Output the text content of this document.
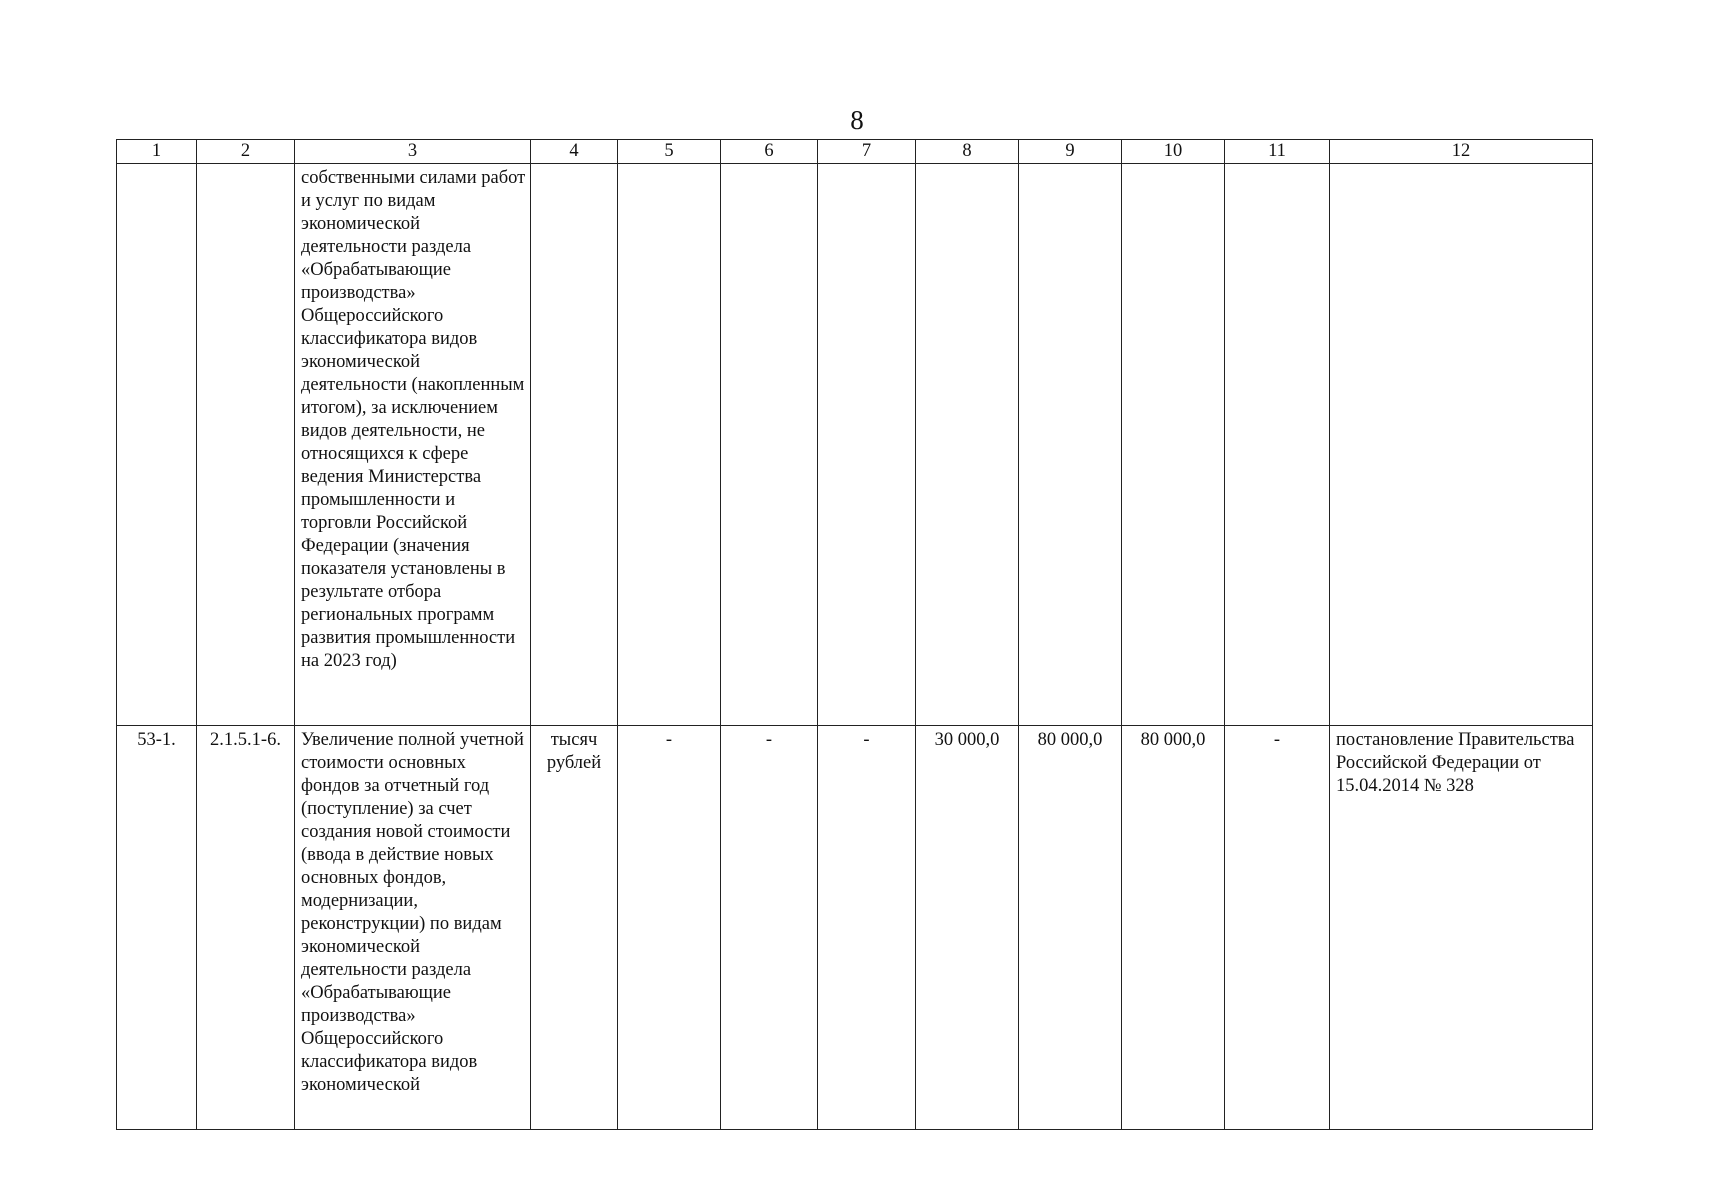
8
1	2	3	4	5	6	7	8	9	10	11	12
		собственными силами работ и услуг по видам экономической деятельности раздела «Обрабатывающие производства» Общероссийского классификатора видов экономической деятельности (накопленным итогом), за исключением видов деятельности, не относящихся к сфере ведения Министерства промышленности и торговли Российской Федерации (значения показателя установлены в результате отбора региональных программ развития промышленности на 2023 год)									
53-1.	2.1.5.1-6.	Увеличение полной учетной стоимости основных фондов за отчетный год (поступление) за счет создания новой стоимости (ввода в действие новых основных фондов, модернизации, реконструкции) по видам экономической деятельности раздела «Обрабатывающие производства» Общероссийского классификатора видов экономической	тысяч рублей	-	-	-	30 000,0	80 000,0	80 000,0	-	постановление Правительства Российской Федерации от 15.04.2014 № 328
